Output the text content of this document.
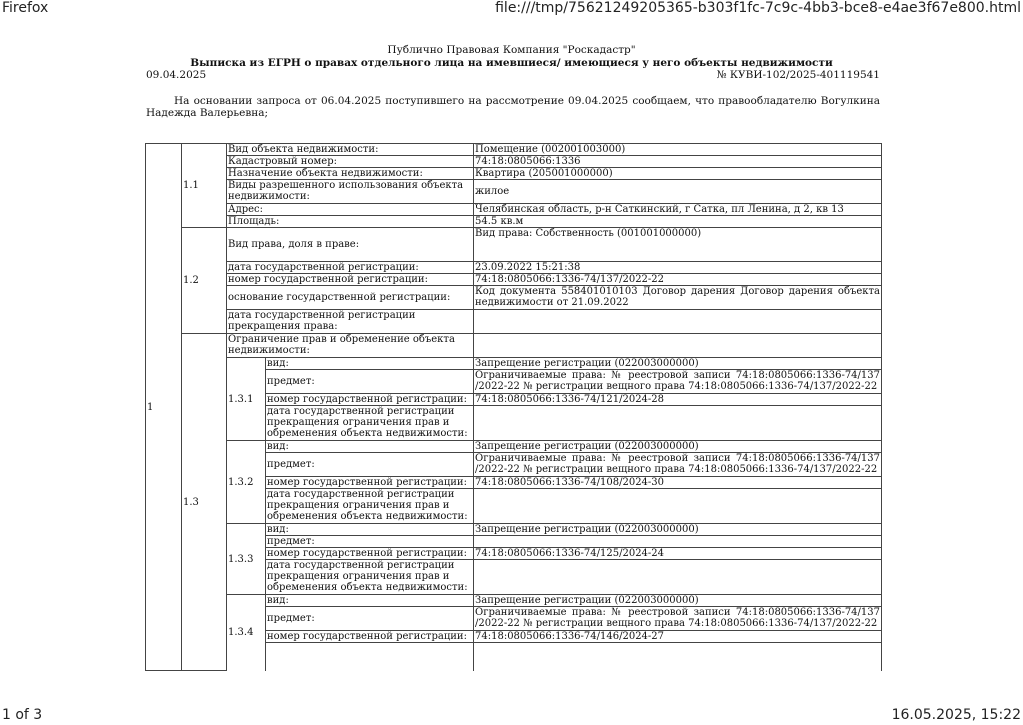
Firefox	file:///tmp/75621249205365-b303f1fc-7c9c-4bb3-bce8-e4ae3f67e800.html
Публично Правовая Компания "Роскадастр"
Выписка из ЕГРН о правах отдельного лица на имевшиеся/ имеющиеся у него объекты недвижимости
09.04.2025	№ КУВИ-102/2025-401119541
На основании запроса от 06.04.2025 поступившего на рассмотрение 09.04.2025 сообщаем, что правообладателю Вогулкина Надежда Валерьевна;
1	1.1	Вид объекта недвижимости:		Помещение (002001003000)
		Кадастровый номер:		74:18:0805066:1336
		Назначение объекта недвижимости:		Квартира (205001000000)
		Виды разрешенного использования объекта недвижимости:		жилое
		Адрес:		Челябинская область, р-н Саткинский, г Сатка, пл Ленина, д 2, кв 13
		Площадь:		54.5 кв.м
	1.2	Вид права, доля в праве:		Вид права: Собственность (001001000000)
		дата государственной регистрации:		23.09.2022 15:21:38
		номер государственной регистрации:		74:18:0805066:1336-74/137/2022-22
		основание государственной регистрации:		Код документа 558401010103 Договор дарения Договор дарения объекта недвижимости от 21.09.2022
		дата государственной регистрации прекращения права:		
	1.3	Ограничение прав и обременение объекта недвижимости:		
		1.3.1	вид:	Запрещение регистрации (022003000000)
			предмет:	Ограничиваемые права: № реестровой записи 74:18:0805066:1336-74/137 /2022-22 № регистрации вещного права 74:18:0805066:1336-74/137/2022-22
			номер государственной регистрации:	74:18:0805066:1336-74/121/2024-28
			дата государственной регистрации прекращения ограничения прав и обременения объекта недвижимости:	
		1.3.2	вид:	Запрещение регистрации (022003000000)
			предмет:	Ограничиваемые права: № реестровой записи 74:18:0805066:1336-74/137 /2022-22 № регистрации вещного права 74:18:0805066:1336-74/137/2022-22
			номер государственной регистрации:	74:18:0805066:1336-74/108/2024-30
			дата государственной регистрации прекращения ограничения прав и обременения объекта недвижимости:	
		1.3.3	вид:	Запрещение регистрации (022003000000)
			предмет:	
			номер государственной регистрации:	74:18:0805066:1336-74/125/2024-24
			дата государственной регистрации прекращения ограничения прав и обременения объекта недвижимости:	
		1.3.4	вид:	Запрещение регистрации (022003000000)
			предмет:	Ограничиваемые права: № реестровой записи 74:18:0805066:1336-74/137 /2022-22 № регистрации вещного права 74:18:0805066:1336-74/137/2022-22
			номер государственной регистрации:	74:18:0805066:1336-74/146/2024-27

1 of 3	16.05.2025, 15:22
